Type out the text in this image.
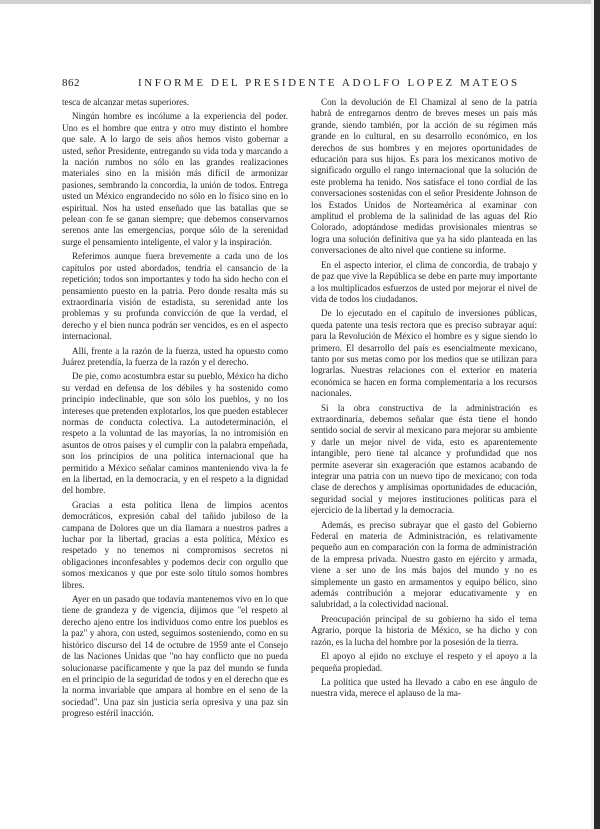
862	INFORME DEL PRESIDENTE ADOLFO LOPEZ MATEOS

tesca de alcanzar metas superiores.

Ningún hombre es incólume a la experiencia del poder. Uno es el hombre que entra y otro muy distinto el hombre que sale. A lo largo de seis años hemos visto gobernar a usted, señor Presidente, entregando su vida toda y marcando a la nación rumbos no sólo en las grandes realizaciones materiales sino en la misión más difícil de armonizar pasiones, sembrando la concordia, la unión de todos. Entrega usted un México engrandecido no sólo en lo físico sino en lo espiritual. Nos ha usted enseñado que las batallas que se pelean con fe se ganan siempre; que debemos conservarnos serenos ante las emergencias, porque sólo de la serenidad surge el pensamiento inteligente, el valor y la inspiración.

Referimos aunque fuera brevemente a cada uno de los capítulos por usted abordados, tendría el cansancio de la repetición; todos son importantes y todo ha sido hecho con el pensamiento puesto en la patria. Pero donde resalta más su extraordinaria visión de estadista, su serenidad ante los problemas y su profunda convicción de que la verdad, el derecho y el bien nunca podrán ser vencidos, es en el aspecto internacional.

Allí, frente a la razón de la fuerza, usted ha opuesto como Juárez pretendía, la fuerza de la razón y el derecho.

De pie, como acostumbra estar su pueblo, México ha dicho su verdad en defensa de los débiles y ha sostenido como principio indeclinable, que son sólo los pueblos, y no los intereses que pretenden explotarlos, los que pueden establecer normas de conducta colectiva. La autodeterminación, el respeto a la voluntad de las mayorías, la no intromisión en asuntos de otros países y el cumplir con la palabra empeñada, son los principios de una política internacional que ha permitido a México señalar caminos manteniendo viva la fe en la libertad, en la democracia, y en el respeto a la dignidad del hombre.

Gracias a esta política llena de limpios acentos democráticos, expresión cabal del tañido jubiloso de la campana de Dolores que un día llamara a nuestros padres a luchar por la libertad, gracias a esta política, México es respetado y no tenemos ni compromisos secretos ni obligaciones inconfesables y podemos decir con orgullo que somos mexicanos y que por este solo título somos hombres libres.

Ayer en un pasado que todavía mantenemos vivo en lo que tiene de grandeza y de vigencia, dijimos que "el respeto al derecho ajeno entre los individuos como entre los pueblos es la paz" y ahora, con usted, seguimos sosteniendo, como en su histórico discurso del 14 de octubre de 1959 ante el Consejo de las Naciones Unidas que "no hay conflicto que no pueda solucionarse pacíficamente y que la paz del mundo se funda en el principio de la seguridad de todos y en el derecho que es la norma invariable que ampara al hombre en el seno de la sociedad". Una paz sin justicia sería opresiva y una paz sin progreso estéril inacción.

Con la devolución de El Chamizal al seno de la patria habrá de entregarnos dentro de breves meses un país más grande, siendo también, por la acción de su régimen más grande en lo cultural, en su desarrollo económico, en los derechos de sus hombres y en mejores oportunidades de educación para sus hijos. Es para los mexicanos motivo de significado orgullo el rango internacional que la solución de este problema ha tenido. Nos satisface el tono cordial de las conversaciones sostenidas con el señor Presidente Johnson de los Estados Unidos de Norteamérica al examinar con amplitud el problema de la salinidad de las aguas del Río Colorado, adoptándose medidas provisionales mientras se logra una solución definitiva que ya ha sido planteada en las conversaciones de alto nivel que contiene su informe.

En el aspecto interior, el clima de concordia, de trabajo y de paz que vive la República se debe en parte muy importante a los multiplicados esfuerzos de usted por mejorar el nivel de vida de todos los ciudadanos.

De lo ejecutado en el capítulo de inversiones públicas, queda patente una tesis rectora que es preciso subrayar aquí: para la Revolución de México el hombre es y sigue siendo lo primero. El desarrollo del país es esencialmente mexicano, tanto por sus metas como por los medios que se utilizan para lograrlas. Nuestras relaciones con el exterior en materia económica se hacen en forma complementaria a los recursos nacionales.

Si la obra constructiva de la administración es extraordinaria, debemos señalar que ésta tiene el hondo sentido social de servir al mexicano para mejorar su ambiente y darle un mejor nivel de vida, esto es aparentemente intangible, pero tiene tal alcance y profundidad que nos permite aseverar sin exageración que estamos acabando de integrar una patria con un nuevo tipo de mexicano; con toda clase de derechos y amplísimas oportunidades de educación, seguridad social y mejores instituciones políticas para el ejercicio de la libertad y la democracia.

Además, es preciso subrayar que el gasto del Gobierno Federal en materia de Administración, es relativamente pequeño aun en comparación con la forma de administración de la empresa privada. Nuestro gasto en ejército y armada, viene a ser uno de los más bajos del mundo y no es simplemente un gasto en armamentos y equipo bélico, sino además contribución a mejorar educativamente y en salubridad, a la colectividad nacional.

Preocupación principal de su gobierno ha sido el tema Agrario, porque la historia de México, se ha dicho y con razón, es la lucha del hombre por la posesión de la tierra.

El apoyo al ejido no excluye el respeto y el apoyo a la pequeña propiedad.

La política que usted ha llevado a cabo en ese ángulo de nuestra vida, merece el aplauso de la ma-
